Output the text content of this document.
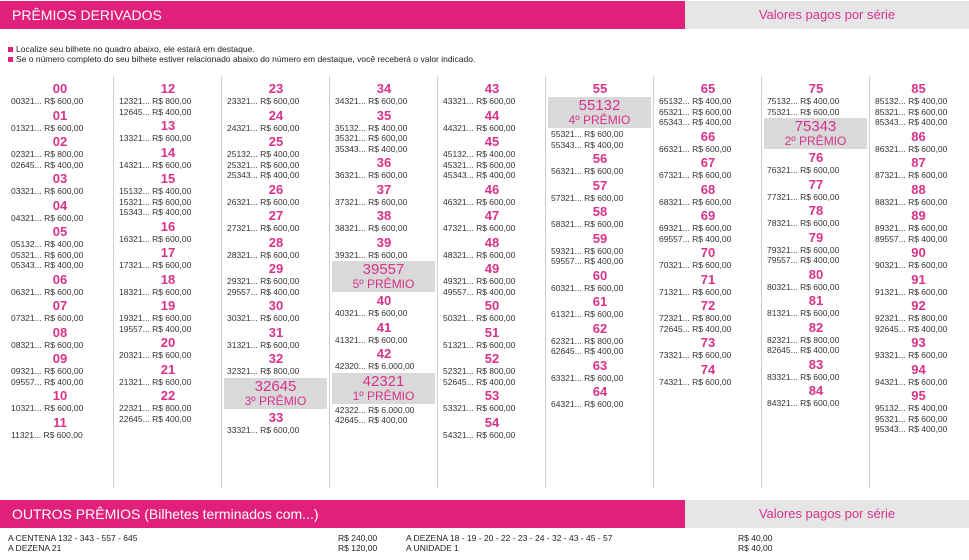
PRÊMIOS DERIVADOS	Valores pagos por série
Localize seu bilhete no quadro abaixo, ele estará em destaque.
Se o número completo do seu bilhete estiver relacionado abaixo do número em destaque, você receberá o valor indicado.
00
00321... R$ 600,00
01
01321... R$ 600,00
02
02321... R$ 800,00
02645... R$ 400,00
03
03321... R$ 600,00
04
04321... R$ 600,00
05
05132... R$ 400,00
05321... R$ 600,00
05343... R$ 400,00
06
06321... R$ 600,00
07
07321... R$ 600,00
08
08321... R$ 600,00
09
09321... R$ 600,00
09557... R$ 400,00
10
10321... R$ 600,00
11
11321... R$ 600,00
12
12321... R$ 800,00
12645... R$ 400,00
13
13321... R$ 600,00
14
14321... R$ 600,00
15
15132... R$ 400,00
15321... R$ 600,00
15343... R$ 400,00
16
16321... R$ 600,00
17
17321... R$ 600,00
18
18321... R$ 600,00
19
19321... R$ 600,00
19557... R$ 400,00
20
20321... R$ 600,00
21
21321... R$ 600,00
22
22321... R$ 800,00
22645... R$ 400,00
23
23321... R$ 600,00
24
24321... R$ 600,00
25
25132... R$ 400,00
25321... R$ 600,00
25343... R$ 400,00
26
26321... R$ 600,00
27
27321... R$ 600,00
28
28321... R$ 600,00
29
29321... R$ 600,00
29557... R$ 400,00
30
30321... R$ 600,00
31
31321... R$ 600,00
32
32321... R$ 800,00
32645
3º PRÊMIO
33
33321... R$ 600,00
34
34321... R$ 600,00
35
35132... R$ 400,00
35321... R$ 600,00
35343... R$ 400,00
36
36321... R$ 600,00
37
37321... R$ 600,00
38
38321... R$ 600,00
39
39321... R$ 600,00
39557
5º PRÊMIO
40
40321... R$ 600,00
41
41321... R$ 600,00
42
42320... R$ 6.000,00
42321
1º PRÊMIO
42322... R$ 6.000,00
42645... R$ 400,00
43
43321... R$ 600,00
44
44321... R$ 600,00
45
45132... R$ 400,00
45321... R$ 600,00
45343... R$ 400,00
46
46321... R$ 600,00
47
47321... R$ 600,00
48
48321... R$ 600,00
49
49321... R$ 600,00
49557... R$ 400,00
50
50321... R$ 600,00
51
51321... R$ 600,00
52
52321... R$ 800,00
52645... R$ 400,00
53
53321... R$ 600,00
54
54321... R$ 600,00
55
55132
4º PRÊMIO
55321... R$ 600,00
55343... R$ 400,00
56
56321... R$ 600,00
57
57321... R$ 600,00
58
58321... R$ 600,00
59
59321... R$ 600,00
59557... R$ 400,00
60
60321... R$ 600,00
61
61321... R$ 600,00
62
62321... R$ 800,00
62645... R$ 400,00
63
63321... R$ 600,00
64
64321... R$ 600,00
65
65132... R$ 400,00
65321... R$ 600,00
65343... R$ 400,00
66
66321... R$ 600,00
67
67321... R$ 600,00
68
68321... R$ 600,00
69
69321... R$ 600,00
69557... R$ 400,00
70
70321... R$ 600,00
71
71321... R$ 600,00
72
72321... R$ 800,00
72645... R$ 400,00
73
73321... R$ 600,00
74
74321... R$ 600,00
75
75132... R$ 400,00
75321... R$ 600,00
75343
2º PRÊMIO
76
76321... R$ 600,00
77
77321... R$ 600,00
78
78321... R$ 600,00
79
79321... R$ 600,00
79557... R$ 400,00
80
80321... R$ 600,00
81
81321... R$ 600,00
82
82321... R$ 800,00
82645... R$ 400,00
83
83321... R$ 600,00
84
84321... R$ 600,00
85
85132... R$ 400,00
85321... R$ 600,00
85343... R$ 400,00
86
86321... R$ 600,00
87
87321... R$ 600,00
88
88321... R$ 600,00
89
89321... R$ 600,00
89557... R$ 400,00
90
90321... R$ 600,00
91
91321... R$ 600,00
92
92321... R$ 800,00
92645... R$ 400,00
93
93321... R$ 600,00
94
94321... R$ 600,00
95
95132... R$ 400,00
95321... R$ 600,00
95343... R$ 400,00
OUTROS PRÊMIOS (Bilhetes terminados com...)	Valores pagos por série
A CENTENA 132 - 343 - 557 - 645	R$ 240,00	A DEZENA 18 - 19 - 20 - 22 - 23 - 24 - 32 - 43 - 45 - 57	R$ 40,00
A DEZENA 21	R$ 120,00	A UNIDADE 1	R$ 40,00
